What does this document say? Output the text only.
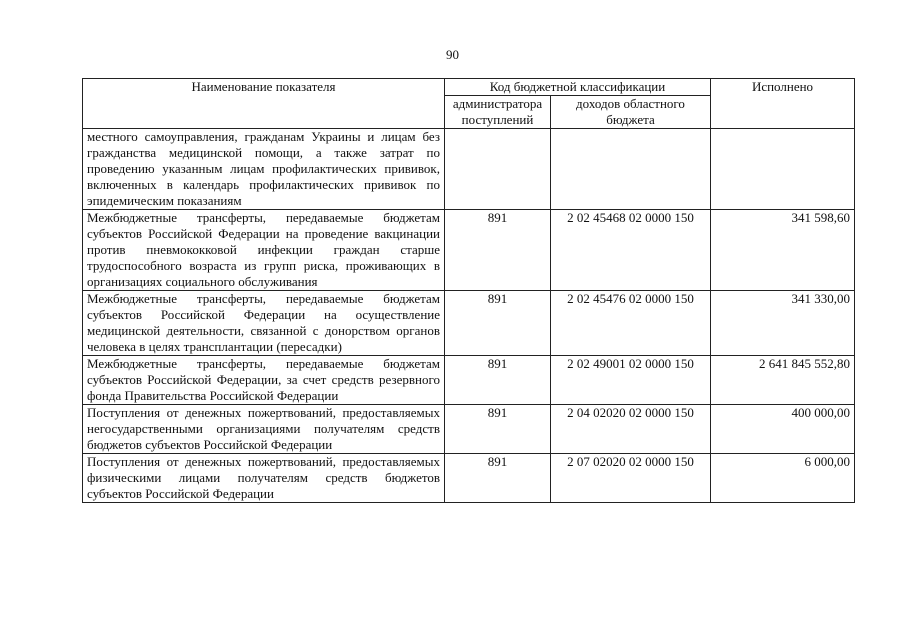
90
Наименование показателя	Код бюджетной классификации		Исполнено
	администратора поступлений	доходов областного бюджета	
местного самоуправления, гражданам Украины и лицам без гражданства медицинской помощи, а также затрат по проведению указанным лицам профилактических прививок, включенных в календарь профилактических прививок по эпидемическим показаниям			
Межбюджетные трансферты, передаваемые бюджетам субъектов Российской Федерации на проведение вакцинации против пневмококковой инфекции граждан старше трудоспособного возраста из групп риска, проживающих в организациях социального обслуживания	891	2 02 45468 02 0000 150	341 598,60
Межбюджетные трансферты, передаваемые бюджетам субъектов Российской Федерации на осуществление медицинской деятельности, связанной с донорством органов человека в целях трансплантации (пересадки)	891	2 02 45476 02 0000 150	341 330,00
Межбюджетные трансферты, передаваемые бюджетам субъектов Российской Федерации, за счет средств резервного фонда Правительства Российской Федерации	891	2 02 49001 02 0000 150	2 641 845 552,80
Поступления от денежных пожертвований, предоставляемых негосударственными организациями получателям средств бюджетов субъектов Российской Федерации	891	2 04 02020 02 0000 150	400 000,00
Поступления от денежных пожертвований, предоставляемых физическими лицами получателям средств бюджетов субъектов Российской Федерации	891	2 07 02020 02 0000 150	6 000,00
